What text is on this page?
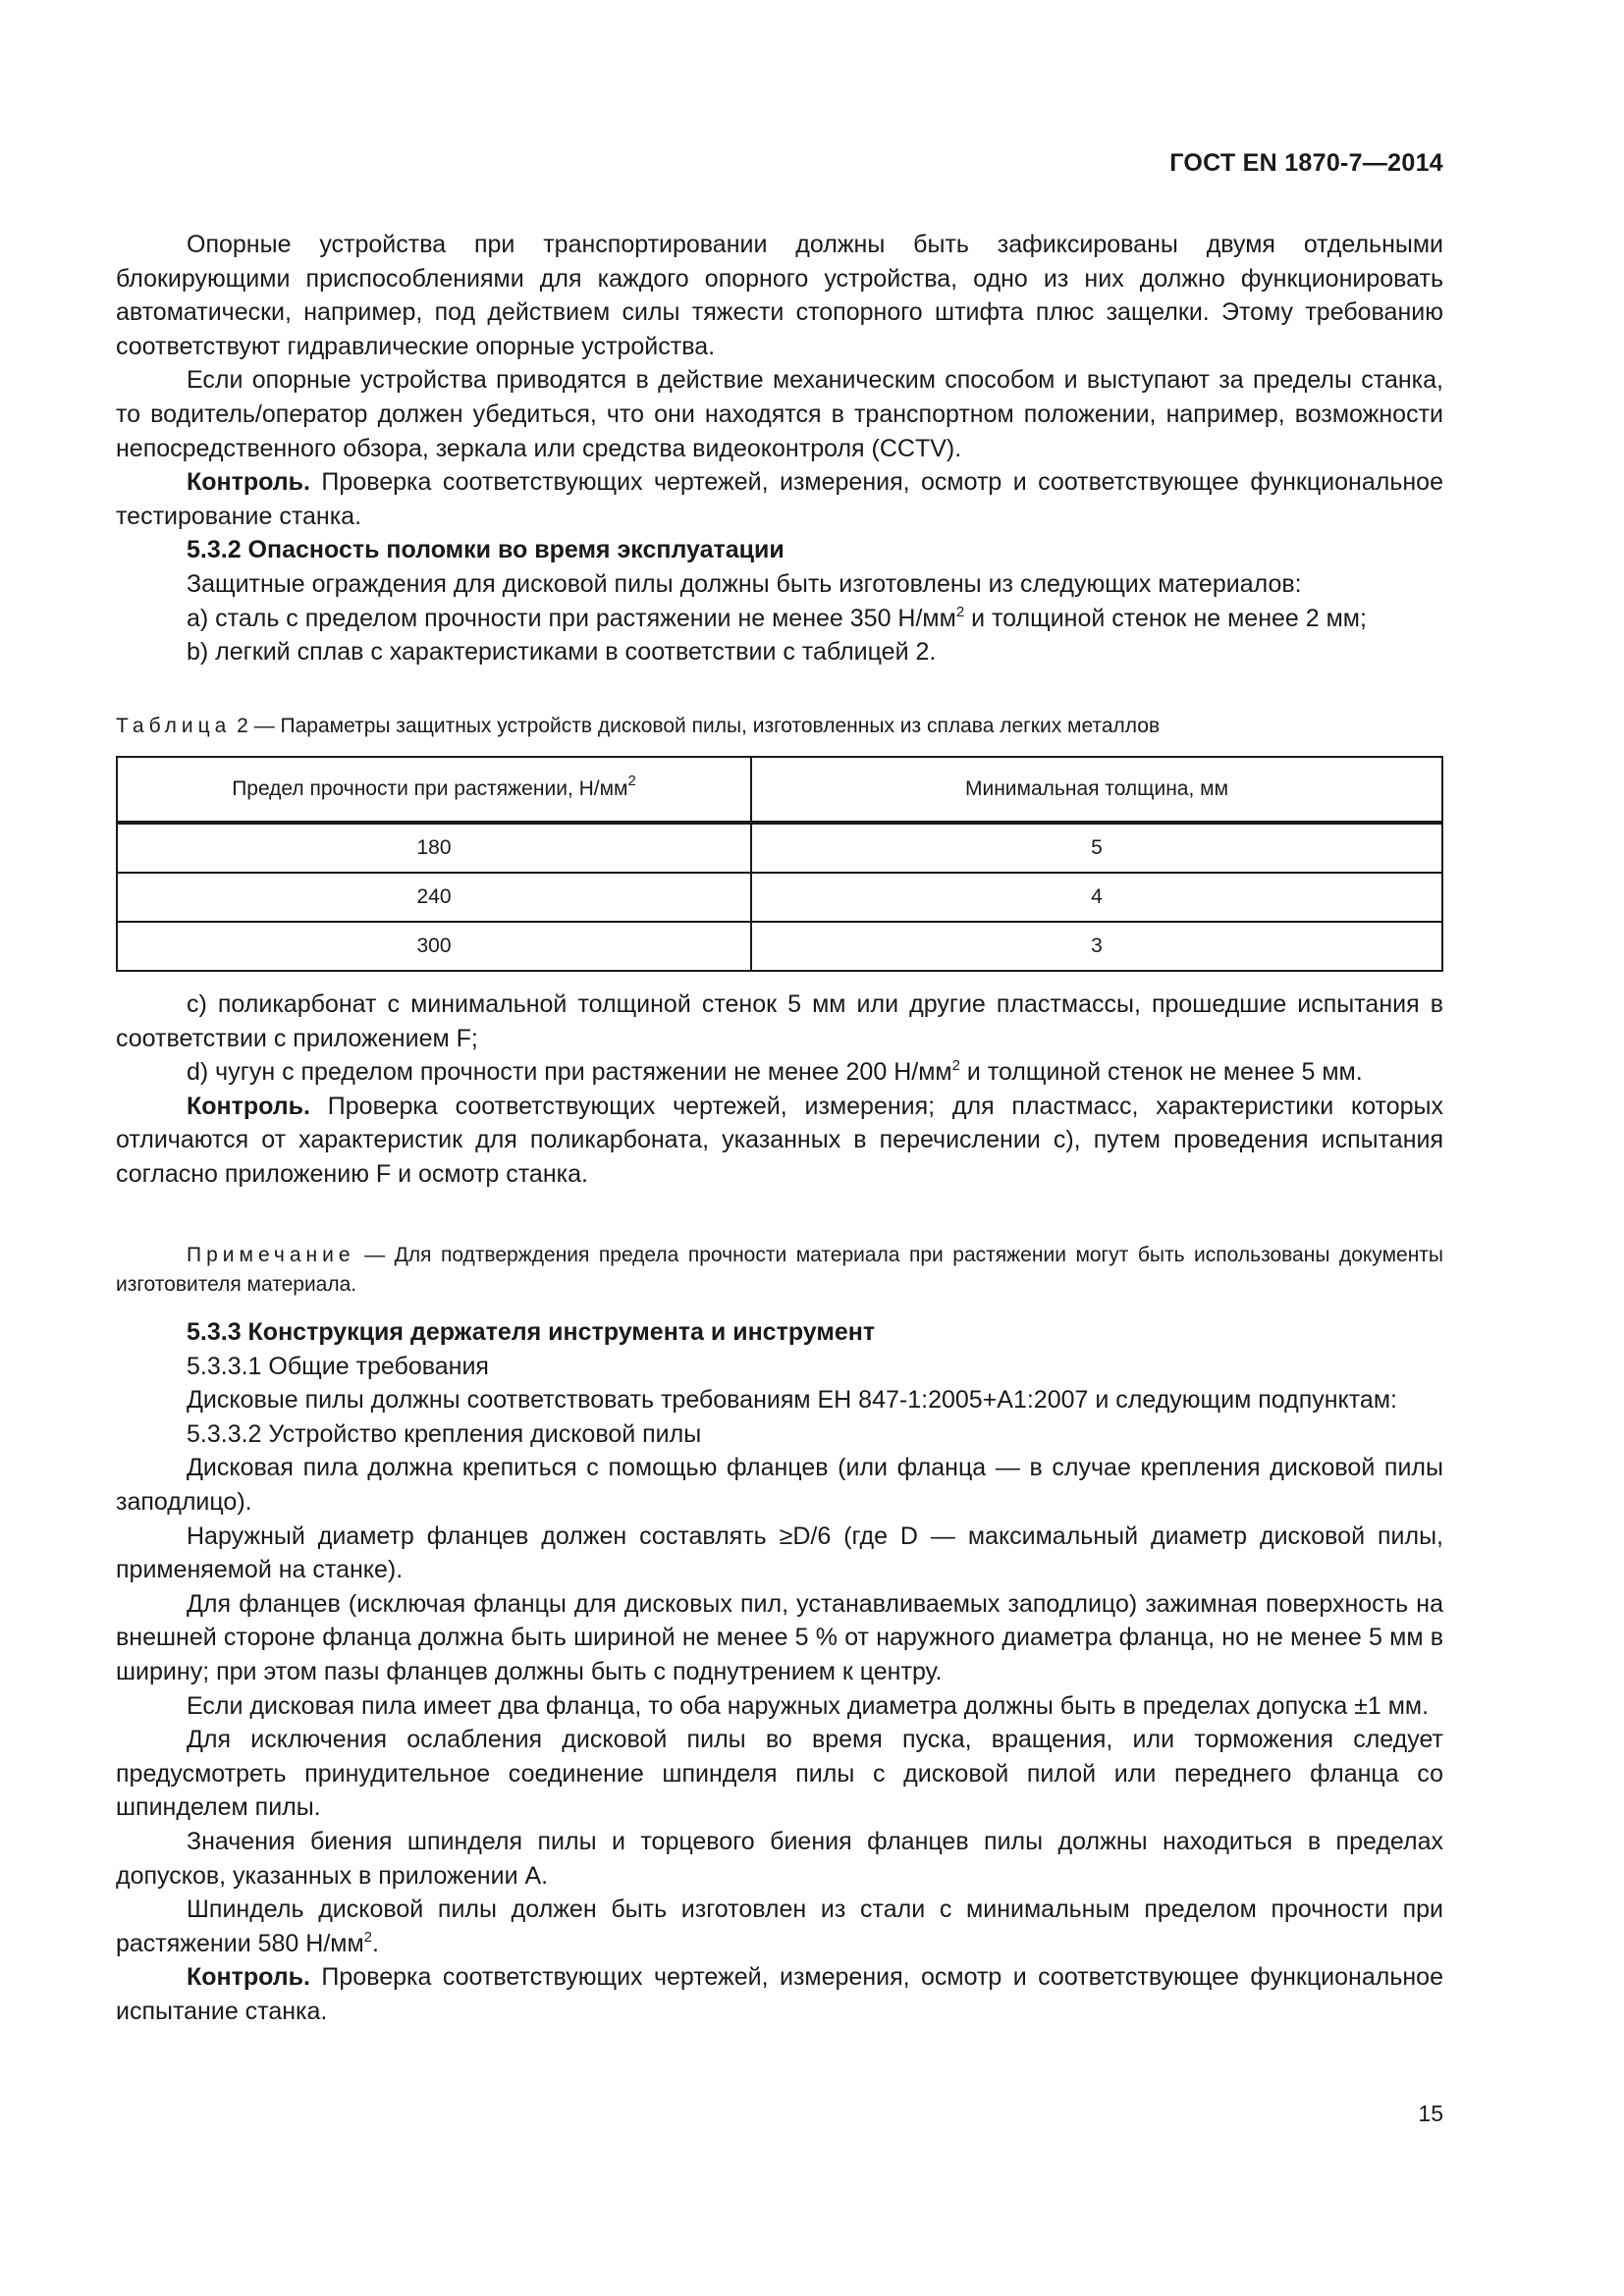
ГОСТ EN 1870-7—2014

Опорные устройства при транспортировании должны быть зафиксированы двумя отдельными блокирующими приспособлениями для каждого опорного устройства, одно из них должно функционировать автоматически, например, под действием силы тяжести стопорного штифта плюс защелки. Этому требованию соответствуют гидравлические опорные устройства.

Если опорные устройства приводятся в действие механическим способом и выступают за пределы станка, то водитель/оператор должен убедиться, что они находятся в транспортном положении, например, возможности непосредственного обзора, зеркала или средства видеоконтроля (CCTV).

Контроль. Проверка соответствующих чертежей, измерения, осмотр и соответствующее функциональное тестирование станка.

5.3.2 Опасность поломки во время эксплуатации

Защитные ограждения для дисковой пилы должны быть изготовлены из следующих материалов:

a) сталь с пределом прочности при растяжении не менее 350 $Н/мм^2$ и толщиной стенок не менее 2 мм;

b) легкий сплав с характеристиками в соответствии с таблицей 2.

Таблица 2 — Параметры защитных устройств дисковой пилы, изготовленных из сплава легких металлов
Предел прочности при растяжении, $Н/мм^2$	Минимальная толщина, мм
180	5
240	4
300	3

c) поликарбонат с минимальной толщиной стенок 5 мм или другие пластмассы, прошедшие испытания в соответствии с приложением F;

d) чугун с пределом прочности при растяжении не менее 200 $Н/мм^2$ и толщиной стенок не менее 5 мм.

Контроль. Проверка соответствующих чертежей, измерения; для пластмасс, характеристики которых отличаются от характеристик для поликарбоната, указанных в перечислении c), путем проведения испытания согласно приложению F и осмотр станка.

Примечание — Для подтверждения предела прочности материала при растяжении могут быть использованы документы изготовителя материала.

5.3.3 Конструкция держателя инструмента и инструмент

5.3.3.1 Общие требования

Дисковые пилы должны соответствовать требованиям ЕН 847-1:2005+А1:2007 и следующим подпунктам:

5.3.3.2 Устройство крепления дисковой пилы

Дисковая пила должна крепиться с помощью фланцев (или фланца — в случае крепления дисковой пилы заподлицо).

Наружный диаметр фланцев должен составлять ≥D/6 (где D — максимальный диаметр дисковой пилы, применяемой на станке).

Для фланцев (исключая фланцы для дисковых пил, устанавливаемых заподлицо) зажимная поверхность на внешней стороне фланца должна быть шириной не менее 5 % от наружного диаметра фланца, но не менее 5 мм в ширину; при этом пазы фланцев должны быть с поднутрением к центру.

Если дисковая пила имеет два фланца, то оба наружных диаметра должны быть в пределах допуска ±1 мм.

Для исключения ослабления дисковой пилы во время пуска, вращения, или торможения следует предусмотреть принудительное соединение шпинделя пилы с дисковой пилой или переднего фланца со шпинделем пилы.

Значения биения шпинделя пилы и торцевого биения фланцев пилы должны находиться в пределах допусков, указанных в приложении А.

Шпиндель дисковой пилы должен быть изготовлен из стали с минимальным пределом прочности при растяжении 580 $Н/мм^2$.

Контроль. Проверка соответствующих чертежей, измерения, осмотр и соответствующее функциональное испытание станка.

15
